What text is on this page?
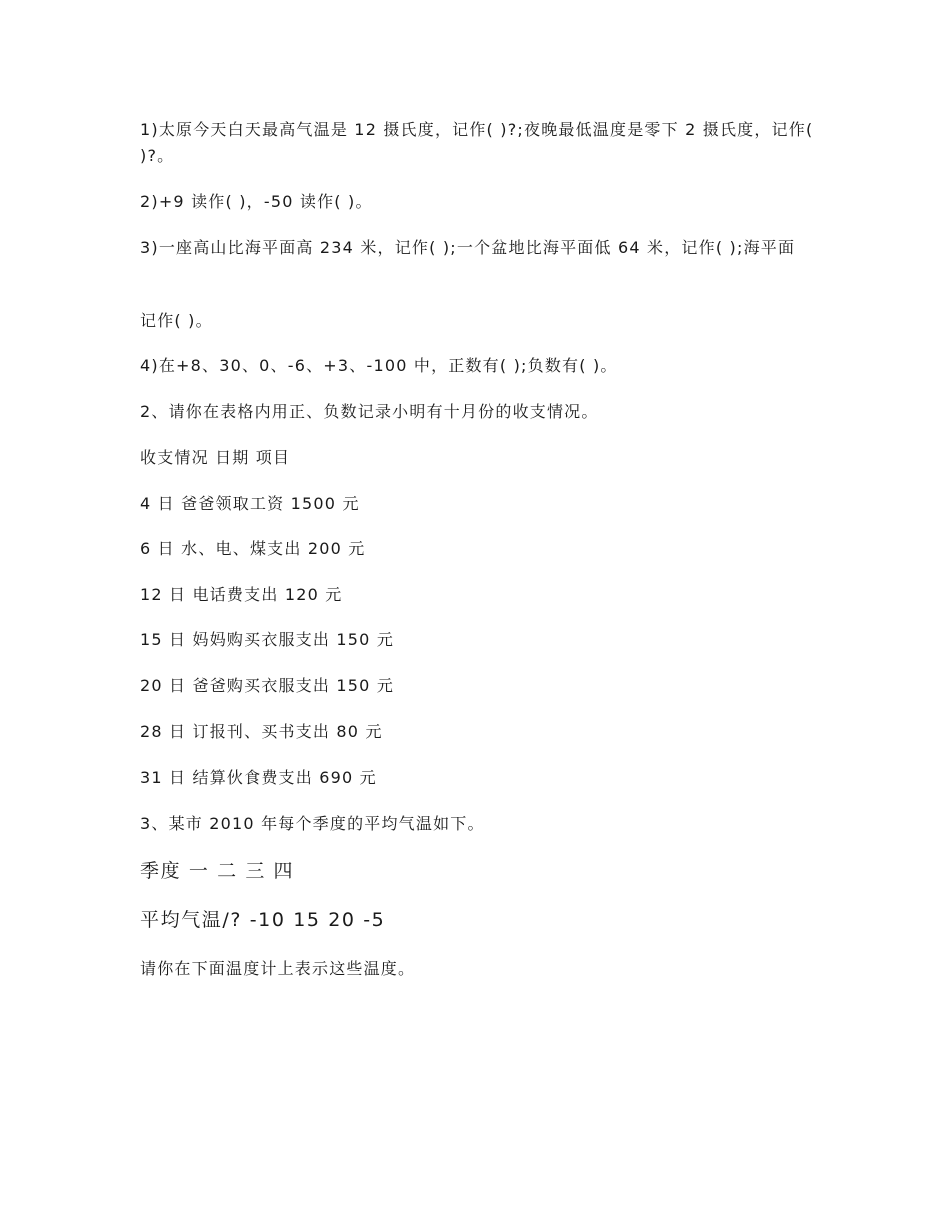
1)太原今天白天最高气温是 12 摄氏度，记作( )?;夜晚最低温度是零下 2 摄氏度，记作( )?。
2)+9 读作( )，-50 读作( )。
3)一座高山比海平面高 234 米，记作( );一个盆地比海平面低 64 米，记作( );海平面
记作( )。
4)在+8、30、0、-6、+3、-100 中，正数有( );负数有( )。
2、请你在表格内用正、负数记录小明有十月份的收支情况。
收支情况 日期 项目
4 日 爸爸领取工资 1500 元
6 日 水、电、煤支出 200 元
12 日 电话费支出 120 元
15 日 妈妈购买衣服支出 150 元
20 日 爸爸购买衣服支出 150 元
28 日 订报刊、买书支出 80 元
31 日 结算伙食费支出 690 元
3、某市 2010 年每个季度的平均气温如下。
季度 一 二 三 四
平均气温/? -10 15 20 -5
请你在下面温度计上表示这些温度。
